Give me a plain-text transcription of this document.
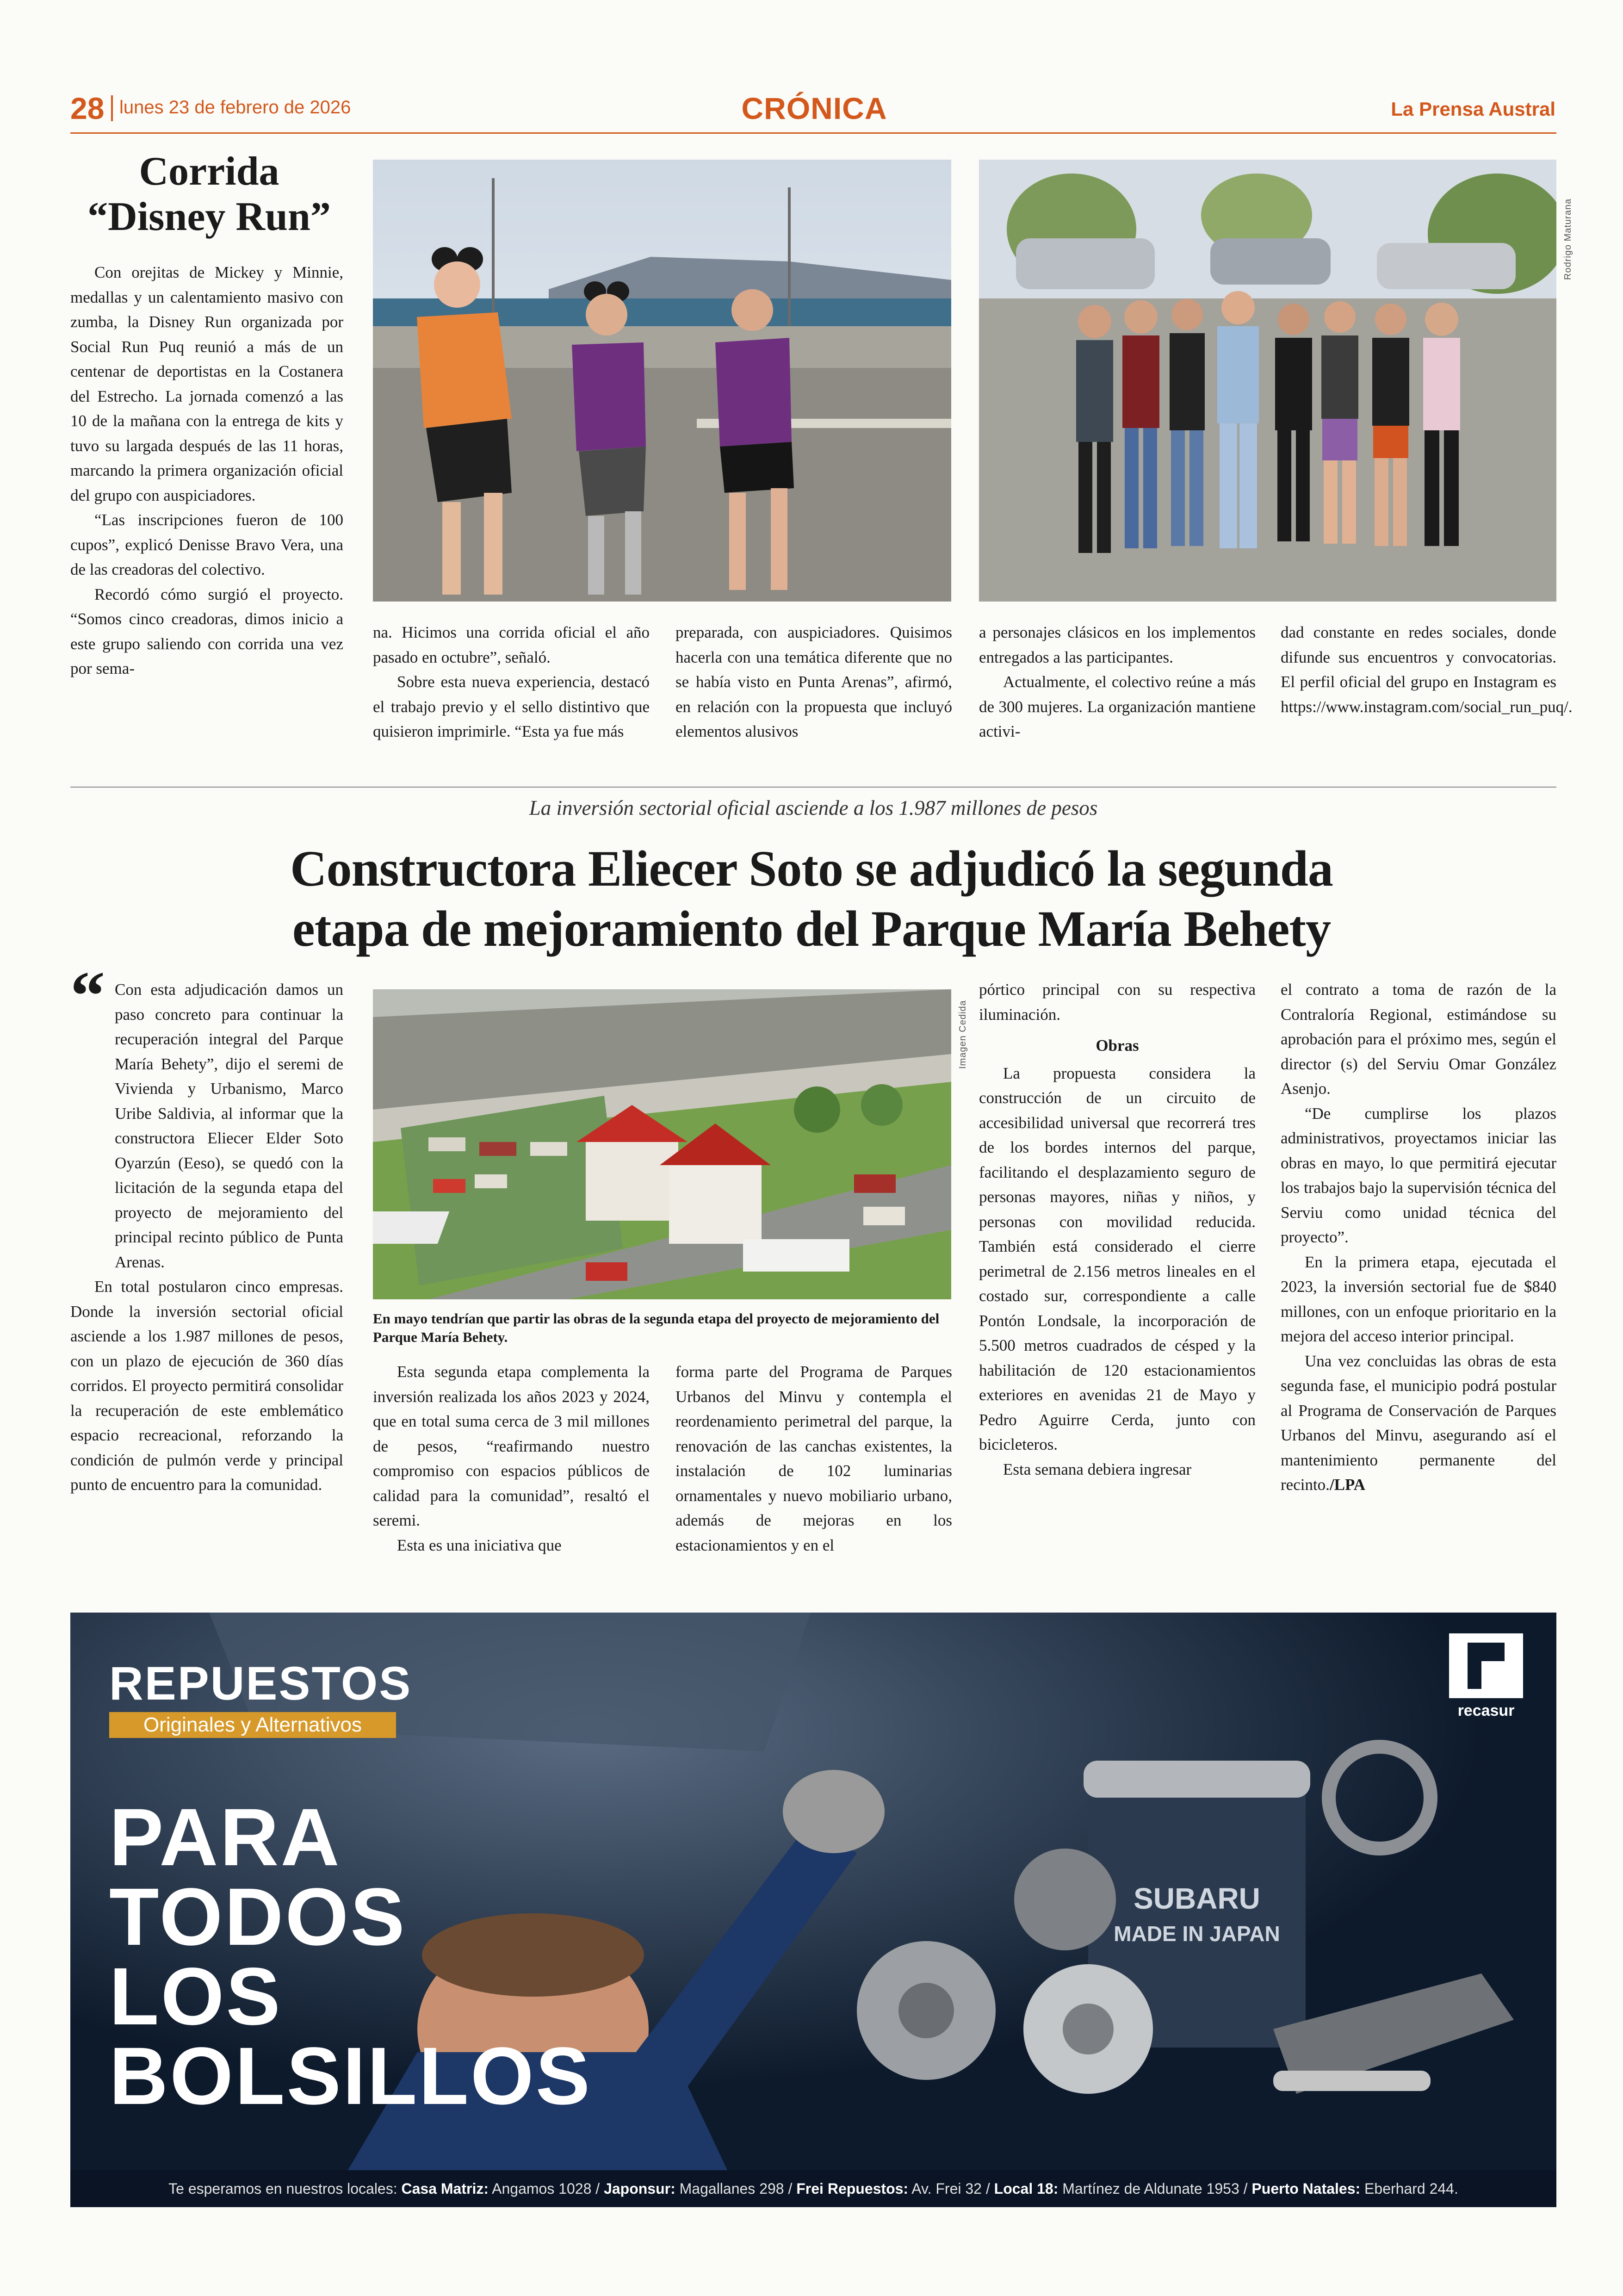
28 lunes 23 de febrero de 2026	CRÓNICA	La Prensa Austral
Corrida
“Disney Run”

Con orejitas de Mickey y Minnie, medallas y un calentamiento masivo con zumba, la Disney Run organizada por Social Run Puq reunió a más de un centenar de deportistas en la Costanera del Estrecho. La jornada comenzó a las 10 de la mañana con la entrega de kits y tuvo su largada después de las 11 horas, marcando la primera organización oficial del grupo con auspiciadores.

“Las inscripciones fueron de 100 cupos”, explicó Denisse Bravo Vera, una de las creadoras del colectivo.

Recordó cómo surgió el proyecto. “Somos cinco creadoras, dimos inicio a este grupo saliendo con corrida una vez por sema-

Rodrigo Maturana

na. Hicimos una corrida oficial el año pasado en octubre”, señaló.

Sobre esta nueva experiencia, destacó el trabajo previo y el sello distintivo que quisieron imprimirle. “Esta ya fue más

preparada, con auspiciadores. Quisimos hacerla con una temática diferente que no se había visto en Punta Arenas”, afirmó, en relación con la propuesta que incluyó elementos alusivos

a personajes clásicos en los implementos entregados a las participantes.

Actualmente, el colectivo reúne a más de 300 mujeres. La organización mantiene activi-

dad constante en redes sociales, donde difunde sus encuentros y convocatorias. El perfil oficial del grupo en Instagram es https://www.instagram.com/social_run_puq/.

La inversión sectorial oficial asciende a los 1.987 millones de pesos
Constructora Eliecer Soto se adjudicó la segunda
etapa de mejoramiento del Parque María Behety
“ Con esta adjudicación damos un paso concreto para continuar la recuperación integral del Parque María Behety”, dijo el seremi de Vivienda y Urbanismo, Marco Uribe Saldivia, al informar que la constructora Eliecer Elder Soto Oyarzún (Eeso), se quedó con la licitación de la segunda etapa del proyecto de mejoramiento del principal recinto público de Punta Arenas.

En total postularon cinco empresas. Donde la inversión sectorial oficial asciende a los 1.987 millones de pesos, con un plazo de ejecución de 360 días corridos. El proyecto permitirá consolidar la recuperación de este emblemático espacio recreacional, reforzando la condición de pulmón verde y principal punto de encuentro para la comunidad.

Imagen Cedida
En mayo tendrían que partir las obras de la segunda etapa del proyecto de mejoramiento del Parque María Behety.

Esta segunda etapa complementa la inversión realizada los años 2023 y 2024, que en total suma cerca de 3 mil millones de pesos, “reafirmando nuestro compromiso con espacios públicos de calidad para la comunidad”, resaltó el seremi.

Esta es una iniciativa que

forma parte del Programa de Parques Urbanos del Minvu y contempla el reordenamiento perimetral del parque, la renovación de las canchas existentes, la instalación de 102 luminarias ornamentales y nuevo mobiliario urbano, además de mejoras en los estacionamientos y en el

pórtico principal con su respectiva iluminación.

Obras

La propuesta considera la construcción de un circuito de accesibilidad universal que recorrerá tres de los bordes internos del parque, facilitando el desplazamiento seguro de personas mayores, niñas y niños, y personas con movilidad reducida. También está considerado el cierre perimetral de 2.156 metros lineales en el costado sur, correspondiente a calle Pontón Londsale, la incorporación de 5.500 metros cuadrados de césped y la habilitación de 120 estacionamientos exteriores en avenidas 21 de Mayo y Pedro Aguirre Cerda, junto con bicicleteros.

Esta semana debiera ingresar

el contrato a toma de razón de la Contraloría Regional, estimándose su aprobación para el próximo mes, según el director (s) del Serviu Omar González Asenjo.

“De cumplirse los plazos administrativos, proyectamos iniciar las obras en mayo, lo que permitirá ejecutar los trabajos bajo la supervisión técnica del Serviu como unidad técnica del proyecto”.

En la primera etapa, ejecutada el 2023, la inversión sectorial fue de $840 millones, con un enfoque prioritario en la mejora del acceso interior principal.

Una vez concluidas las obras de esta segunda fase, el municipio podrá postular al Programa de Conservación de Parques Urbanos del Minvu, asegurando así el mantenimiento permanente del recinto./LPA

SUBARU
MADE IN JAPAN
REPUESTOS
Originales y Alternativos
PARA
TODOS
LOS
BOLSILLOS
recasur
Te esperamos en nuestros locales: Casa Matriz: Angamos 1028 / Japonsur: Magallanes 298 / Frei Repuestos: Av. Frei 32 / Local 18: Martínez de Aldunate 1953 / Puerto Natales: Eberhard 244.
